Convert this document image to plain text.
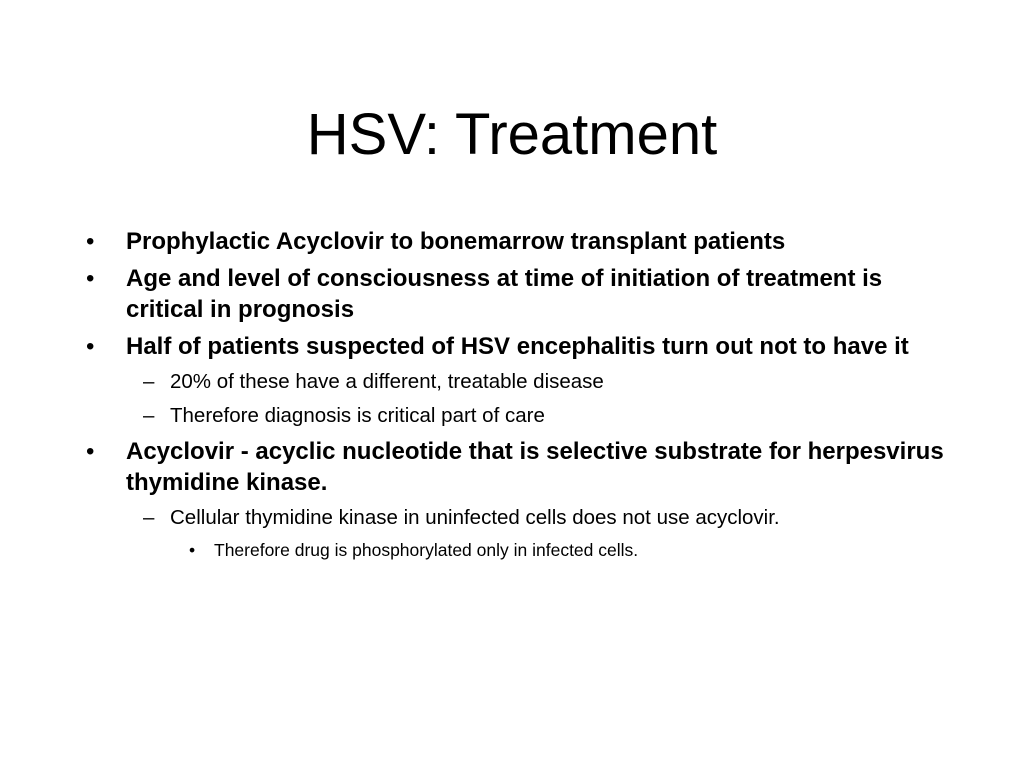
HSV: Treatment
• Prophylactic Acyclovir to bonemarrow transplant patients
• Age and level of consciousness at time of initiation of treatment is critical in prognosis
• Half of patients suspected of HSV encephalitis turn out not to have it
– 20% of these have a different, treatable disease
– Therefore diagnosis is critical part of care
• Acyclovir - acyclic nucleotide that is selective substrate for herpesvirus thymidine kinase.
– Cellular thymidine kinase in uninfected cells does not use acyclovir.
• Therefore drug is phosphorylated only in infected cells.
